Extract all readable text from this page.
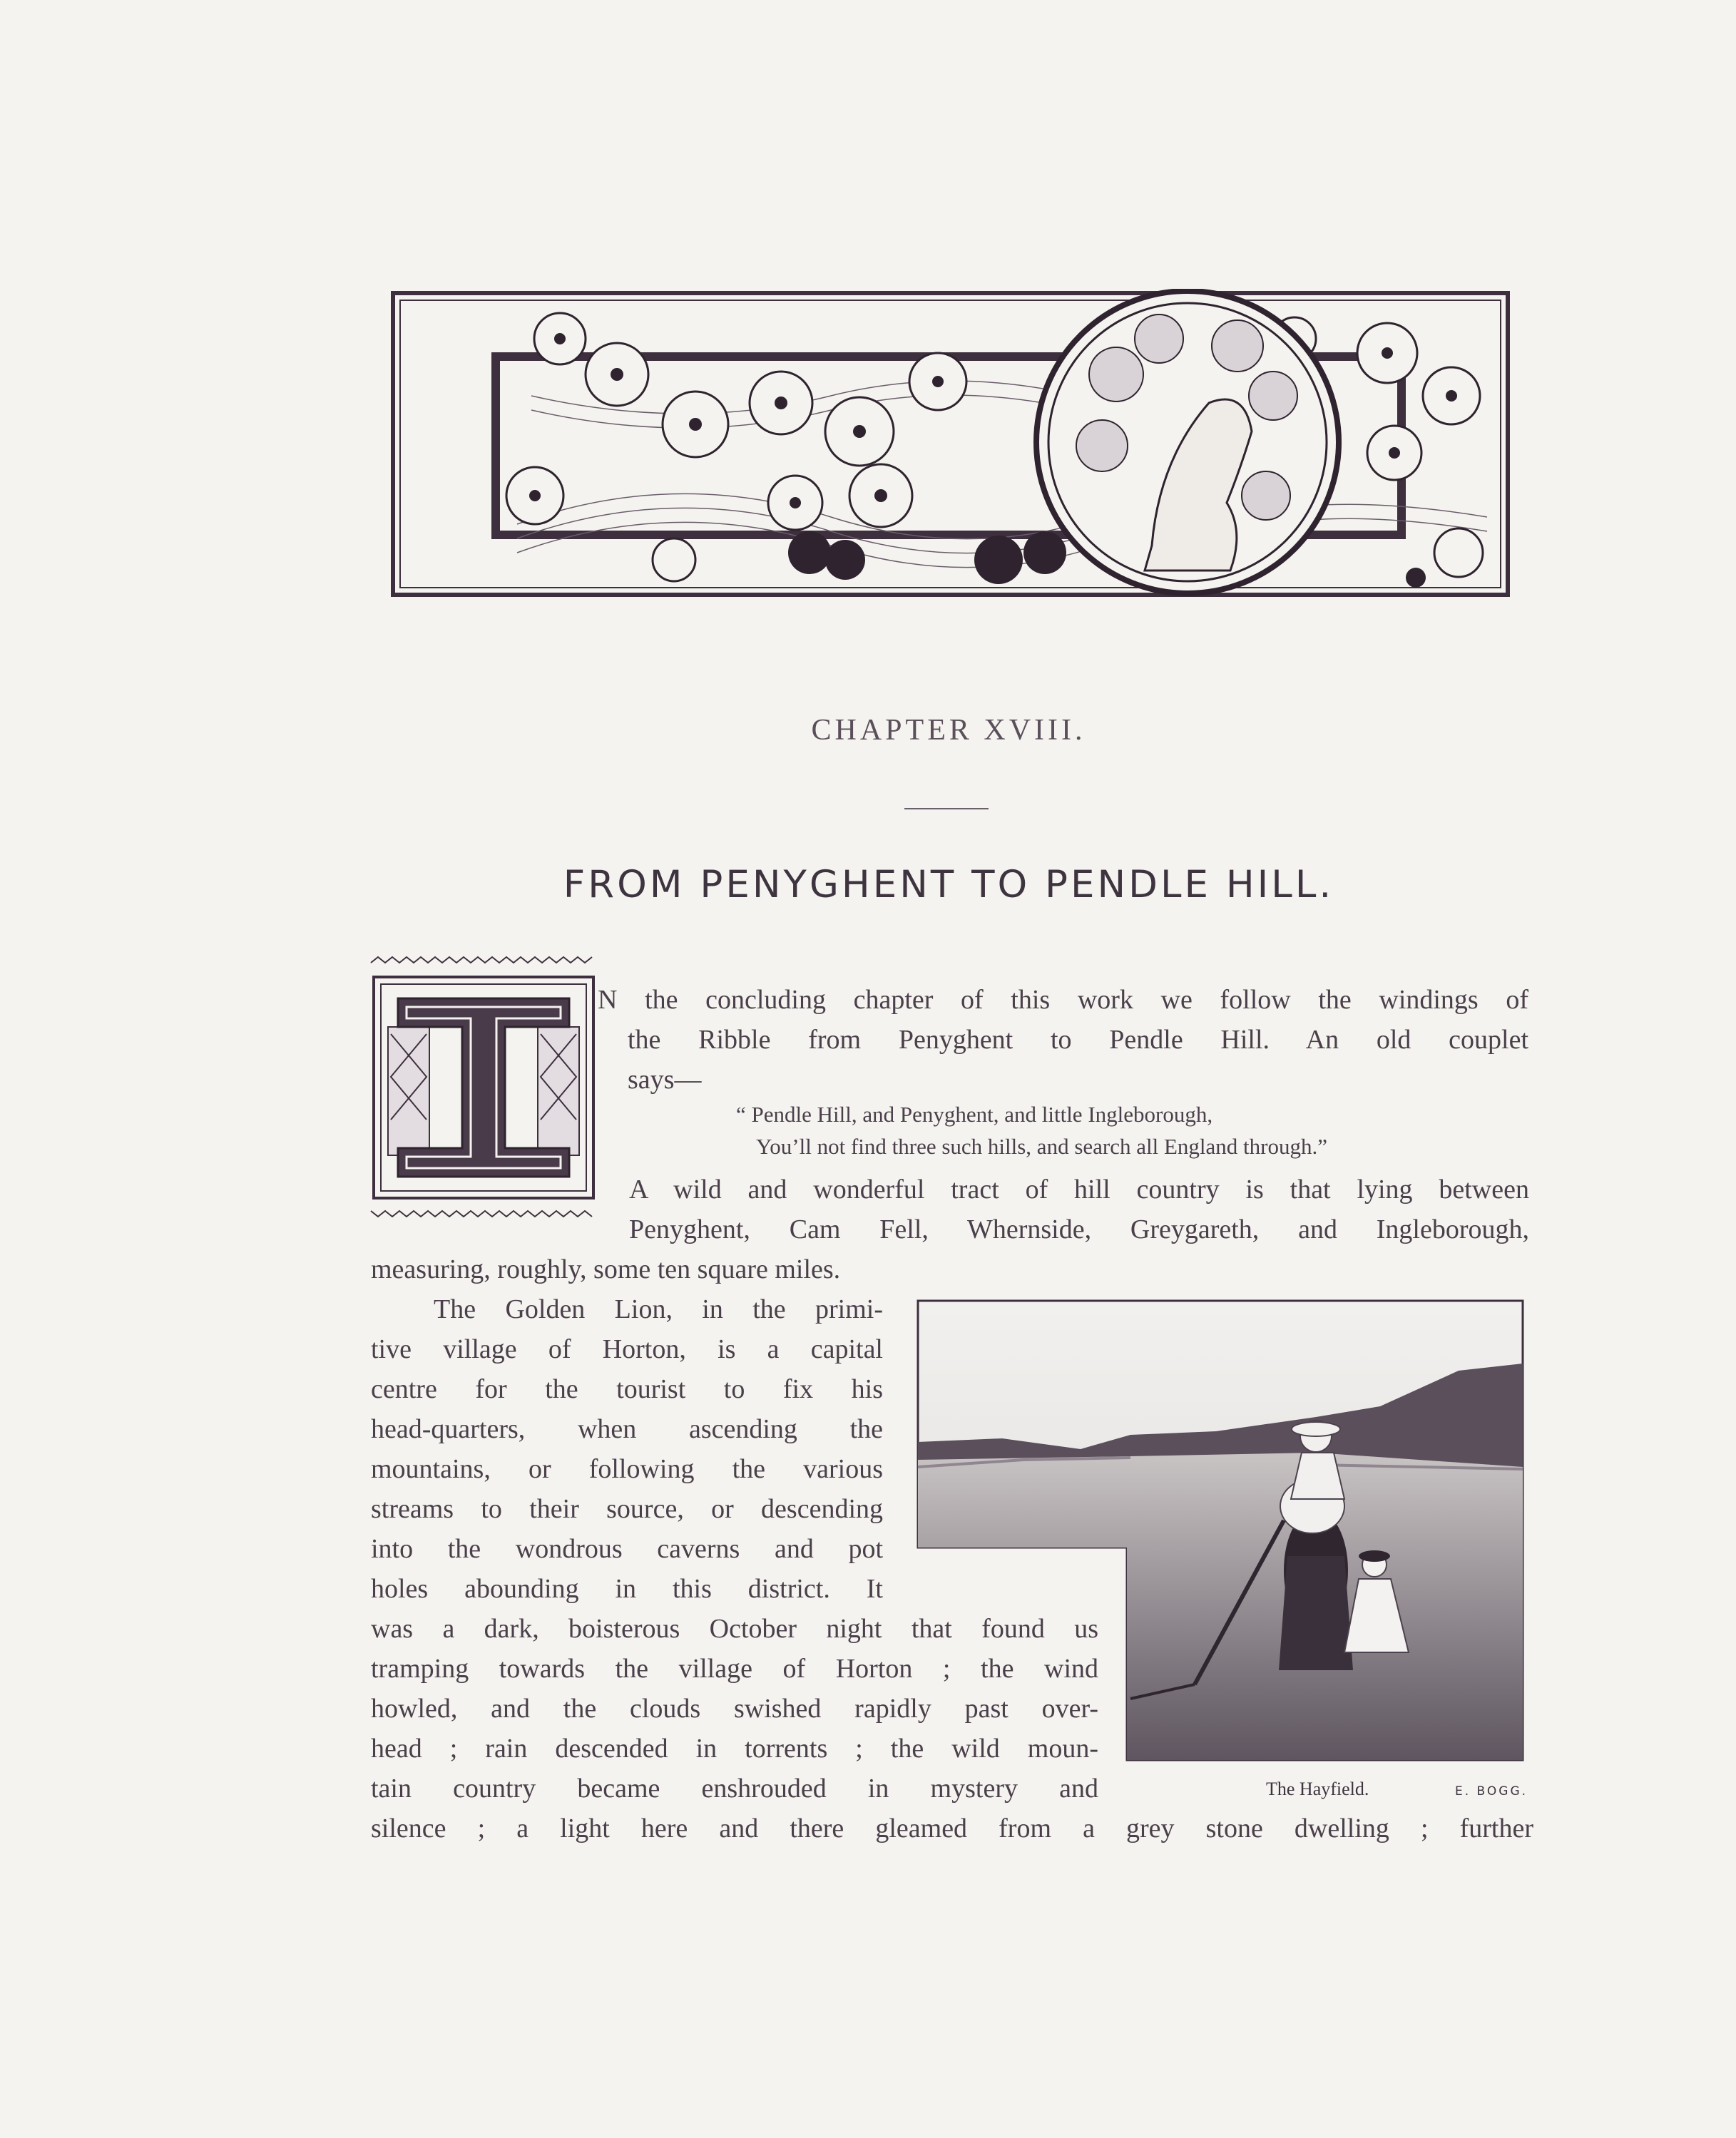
CHAPTER XVIII.
FROM PENYGHENT TO PENDLE HILL.
N the concluding chapter of this work we follow the windings of
the Ribble from Penyghent to Pendle Hill. An old couplet
says—
“ Pendle Hill, and Penyghent, and little Ingleborough,
You’ll not find three such hills, and search all England through.”
A wild and wonderful tract of hill country is that lying between
Penyghent, Cam Fell, Whernside, Greygareth, and Ingleborough,
measuring, roughly, some ten square miles.
The Golden Lion, in the primi-
tive village of Horton, is a capital
centre for the tourist to fix his
head-quarters, when ascending the
mountains, or following the various
streams to their source, or descending
into the wondrous caverns and pot
holes abounding in this district. It
was a dark, boisterous October night that found us
tramping towards the village of Horton ; the wind
howled, and the clouds swished rapidly past over-
head ; rain descended in torrents ; the wild moun-
tain country became enshrouded in mystery and
silence ; a light here and there gleamed from a grey stone dwelling ; further
The Hayfield.	E. BOGG.
